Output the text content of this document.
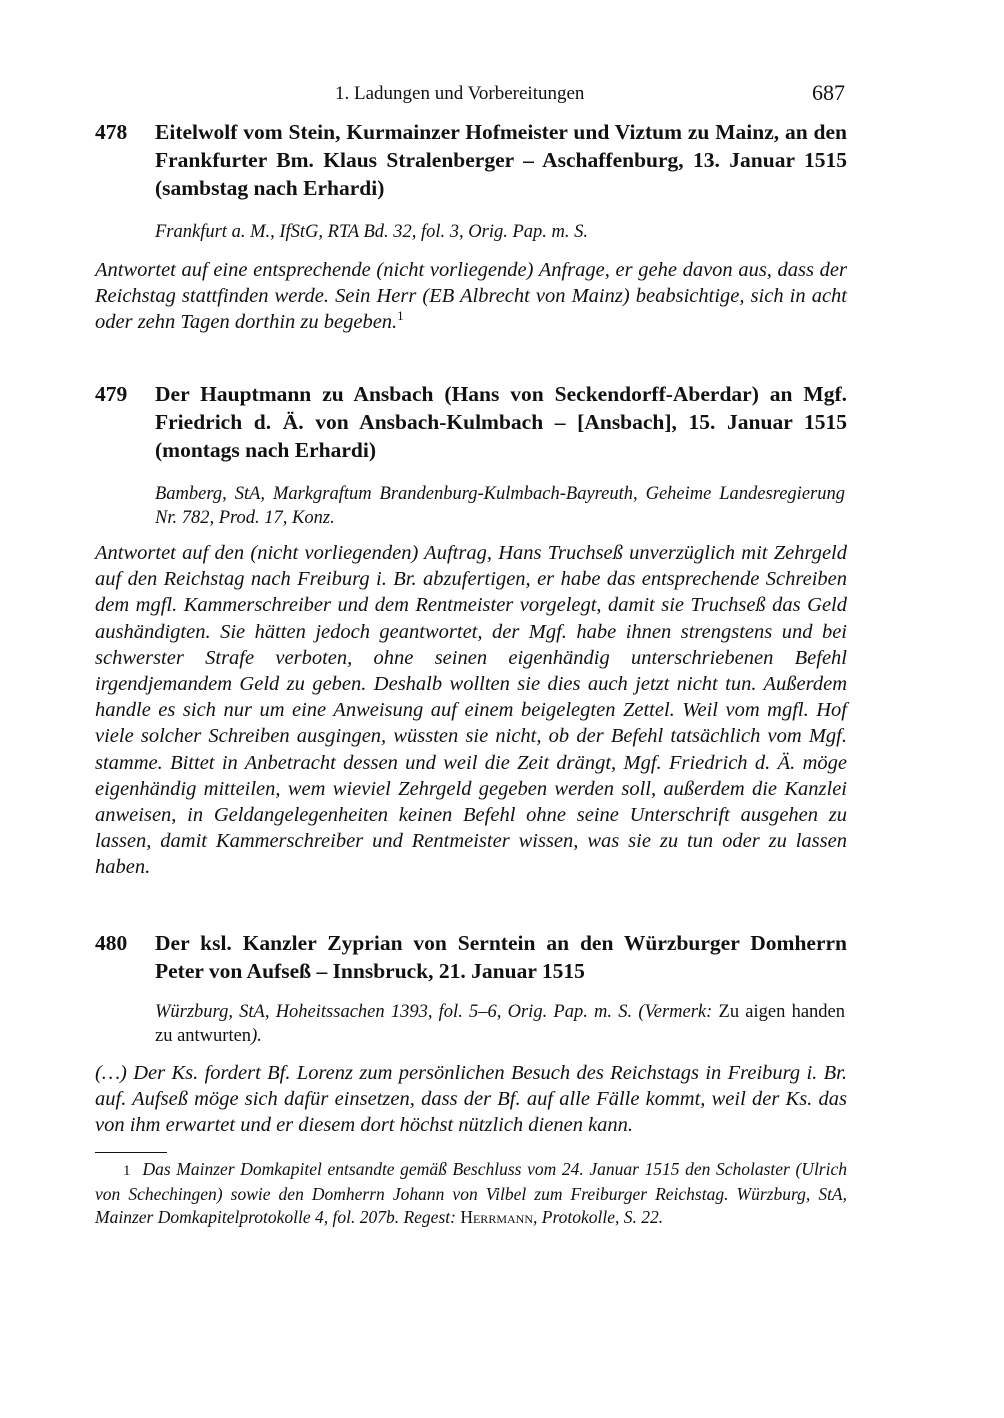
1. Ladungen und Vorbereitungen	687
478 Eitelwolf vom Stein, Kurmainzer Hofmeister und Viztum zu Mainz, an den Frankfurter Bm. Klaus Stralenberger – Aschaffenburg, 13. Januar 1515 (sambstag nach Erhardi)
Frankfurt a. M., IfStG, RTA Bd. 32, fol. 3, Orig. Pap. m. S.
Antwortet auf eine entsprechende (nicht vorliegende) Anfrage, er gehe davon aus, dass der Reichstag stattfinden werde. Sein Herr (EB Albrecht von Mainz) beabsichtige, sich in acht oder zehn Tagen dorthin zu begeben.$^1$
479 Der Hauptmann zu Ansbach (Hans von Seckendorff-Aberdar) an Mgf. Friedrich d. Ä. von Ansbach-Kulmbach – [Ansbach], 15. Januar 1515 (montags nach Erhardi)
Bamberg, StA, Markgraftum Brandenburg-Kulmbach-Bayreuth, Geheime Landesregierung Nr. 782, Prod. 17, Konz.
Antwortet auf den (nicht vorliegenden) Auftrag, Hans Truchseß unverzüglich mit Zehrgeld auf den Reichstag nach Freiburg i. Br. abzufertigen, er habe das entsprechende Schreiben dem mgfl. Kammerschreiber und dem Rentmeister vorgelegt, damit sie Truchseß das Geld aushändigten. Sie hätten jedoch geantwortet, der Mgf. habe ihnen strengstens und bei schwerster Strafe verboten, ohne seinen eigenhändig unterschriebenen Befehl irgendjemandem Geld zu geben. Deshalb wollten sie dies auch jetzt nicht tun. Außerdem handle es sich nur um eine Anweisung auf einem beigelegten Zettel. Weil vom mgfl. Hof viele solcher Schreiben ausgingen, wüssten sie nicht, ob der Befehl tatsächlich vom Mgf. stamme. Bittet in Anbetracht dessen und weil die Zeit drängt, Mgf. Friedrich d. Ä. möge eigenhändig mitteilen, wem wieviel Zehrgeld gegeben werden soll, außerdem die Kanzlei anweisen, in Geldangelegenheiten keinen Befehl ohne seine Unterschrift ausgehen zu lassen, damit Kammerschreiber und Rentmeister wissen, was sie zu tun oder zu lassen haben.
480 Der ksl. Kanzler Zyprian von Serntein an den Würzburger Domherrn Peter von Aufseß – Innsbruck, 21. Januar 1515
Würzburg, StA, Hoheitssachen 1393, fol. 5–6, Orig. Pap. m. S. (Vermerk: Zu aigen handen zu antwurten).
(…) Der Ks. fordert Bf. Lorenz zum persönlichen Besuch des Reichstags in Freiburg i. Br. auf. Aufseß möge sich dafür einsetzen, dass der Bf. auf alle Fälle kommt, weil der Ks. das von ihm erwartet und er diesem dort höchst nützlich dienen kann.
1 Das Mainzer Domkapitel entsandte gemäß Beschluss vom 24. Januar 1515 den Scholaster (Ulrich von Schechingen) sowie den Domherrn Johann von Vilbel zum Freiburger Reichstag. Würzburg, StA, Mainzer Domkapitelprotokolle 4, fol. 207b. Regest: Herrmann, Protokolle, S. 22.
